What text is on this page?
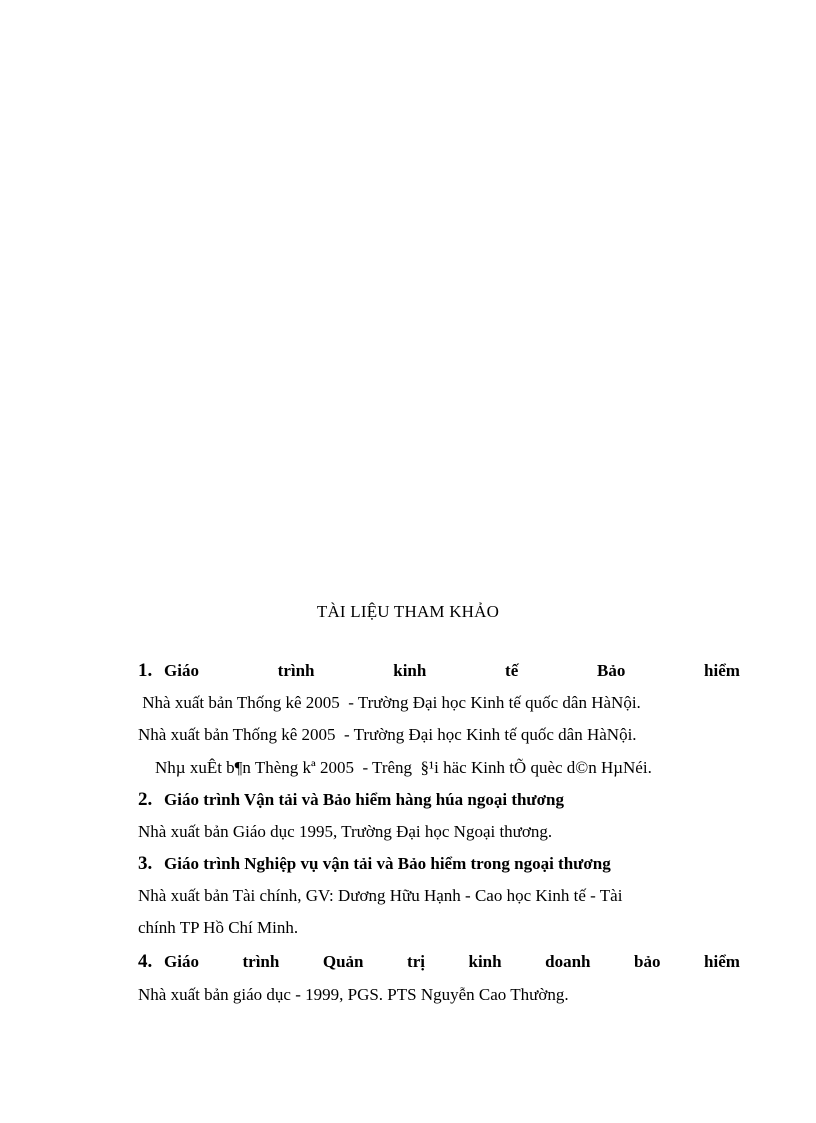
TÀI LIỆU THAM KHẢO
1. Giáo	trình	kinh	tế	Bảo	hiểm
Nhà xuất bản Thống kê 2005  - Trường Đại học Kinh tế quốc dân HàNội.
Nhà xuất bản Thống kê 2005  - Trường Đại học Kinh tế quốc dân HàNội.
Nhµ xuÊt b¶n Thèng kª 2005  - Trêng  §¹i häc Kinh tÕ quèc d©n HµNéi.
2. Giáo trình Vận tải và Bảo hiểm hàng húa ngoại thương
Nhà xuất bản Giáo dục 1995, Trường Đại học Ngoại thương.
3. Giáo trình Nghiệp vụ vận tải và Bảo hiểm trong ngoại thương
Nhà xuất bản Tài chính, GV: Dương Hữu Hạnh - Cao học Kinh tế - Tài
chính TP Hồ Chí Minh.
4. Giáo	trình	Quản	trị	kinh	doanh	bảo	hiểm
Nhà xuất bản giáo dục - 1999, PGS. PTS Nguyễn Cao Thường.
